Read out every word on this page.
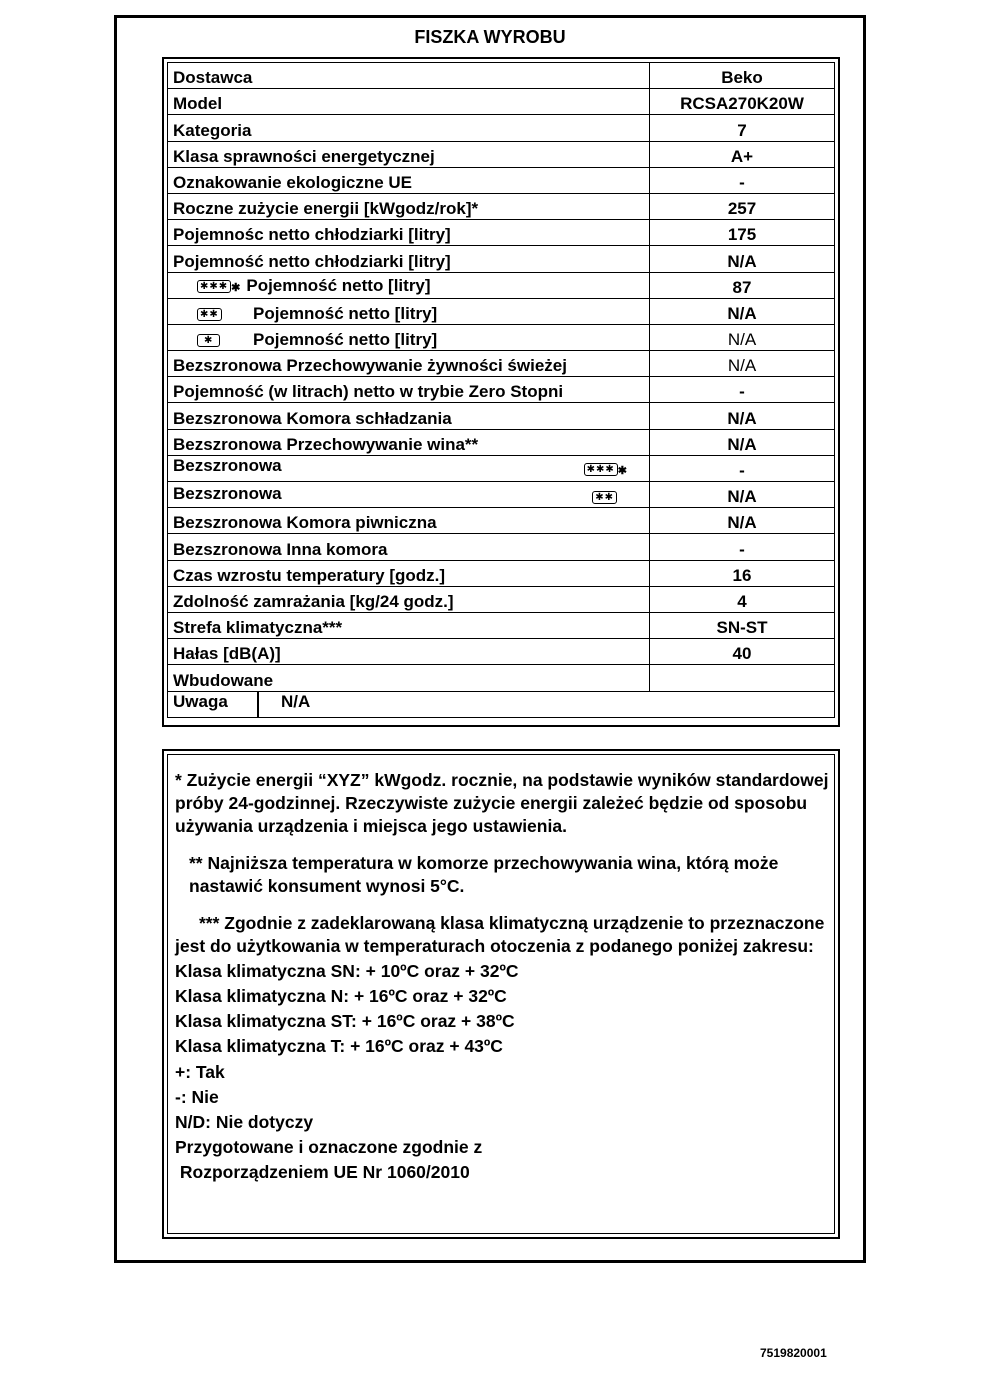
FISZKA WYROBU
Dostawca	Beko
Model	RCSA270K20W
Kategoria	7
Klasa sprawności energetycznej	A+
Oznakowanie ekologiczne UE	-
Roczne zużycie energii [kWgodz/rok]*	257
Pojemnośc netto chłodziarki [litry]	175
Pojemność netto chłodziarki [litry]	N/A
✱✱✱ ✱ Pojemność netto [litry]	87
✱✱ Pojemność netto [litry]	N/A
✱ Pojemność netto [litry]	N/A
Bezszronowa Przechowywanie żywności świeżej	N/A
Pojemność (w litrach) netto w trybie Zero Stopni	-
Bezszronowa Komora schładzania	N/A
Bezszronowa Przechowywanie wina**	N/A
Bezszronowa ✱✱✱ ✱	-
Bezszronowa ✱✱	N/A
Bezszronowa Komora piwniczna	N/A
Bezszronowa Inna komora	-
Czas wzrostu temperatury [godz.]	16
Zdolność zamrażania [kg/24 godz.]	4
Strefa klimatyczna***	SN-ST
Hałas [dB(A)]	40
Wbudowane	

Uwaga N/A	

* Zużycie energii “XYZ” kWgodz. rocznie, na podstawie wyników standardowej próby 24-godzinnej. Rzeczywiste zużycie energii zależeć będzie od sposobu używania urządzenia i miejsca jego ustawienia.

** Najniższa temperatura w komorze przechowywania wina, którą może nastawić konsument wynosi 5°C.

*** Zgodnie z zadeklarowaną klasa klimatyczną urządzenie to przeznaczone jest do użytkowania w temperaturach otoczenia z podanego poniżej zakresu:

Klasa klimatyczna SN: + 10ºC oraz + 32ºC

Klasa klimatyczna N: + 16ºC oraz + 32ºC

Klasa klimatyczna ST: + 16ºC oraz + 38ºC

Klasa klimatyczna T: + 16ºC oraz + 43ºC

+: Tak

-: Nie

N/D: Nie dotyczy

Przygotowane i oznaczone zgodnie z

Rozporządzeniem UE Nr 1060/2010

7519820001
